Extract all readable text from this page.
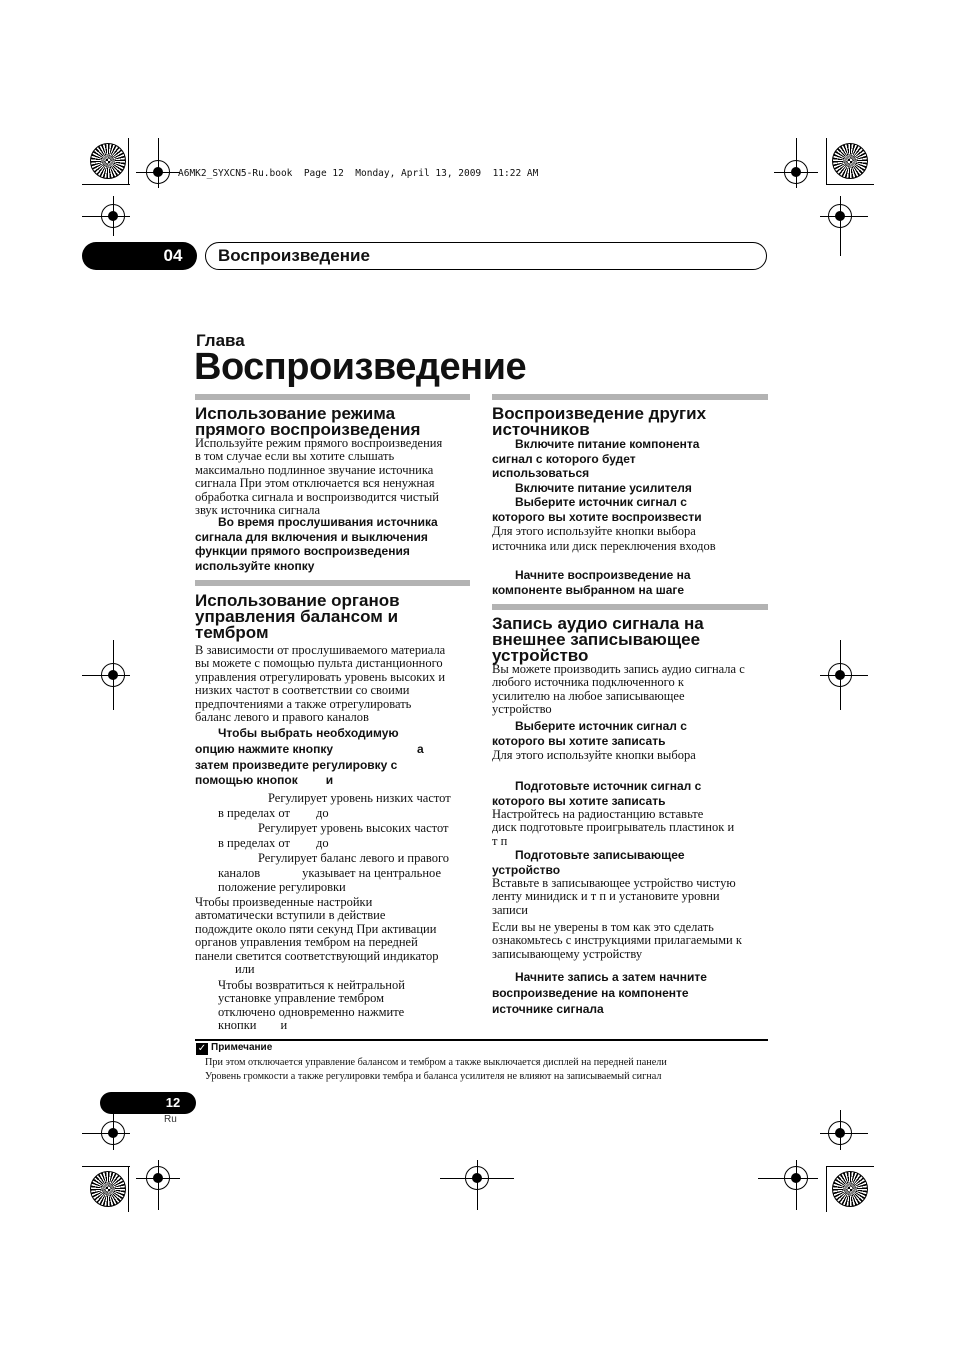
A6MK2_SYXCN5-Ru.book  Page 12  Monday, April 13, 2009  11:22 AM
04	Воспроизведение
Глава
Воспроизведение
Использование режима
прямого воспроизведения
Используйте режим прямого воспроизведения
в том случае если вы хотите слышать
максимально подлинное звучание источника
сигнала При этом отключается вся ненужная
обработка сигнала и воспроизводится чистый
звук источника сигнала
Во время прослушивания источника
сигнала для включения и выключения
функции прямого воспроизведения
используйте кнопку
Использование органов
управления балансом и
тембром
В зависимости от прослушиваемого материала
вы можете с помощью пульта дистанционного
управления отрегулировать уровень высоких и
низких частот в соответствии со своими
предпочтениями а также отрегулировать
баланс левого и правого каналов
Чтобы выбрать необходимую
опцию нажмите кнопку	а
затем произведите регулировку с
помощью кнопок и
Регулирует уровень низких частот
в пределах от до
Регулирует уровень высоких частот
в пределах от до
Регулирует баланс левого и правого
каналов	указывает на центральное
положение регулировки
Чтобы произведенные настройки
автоматически вступили в действие
подождите около пяти секунд При активации
органов управления тембром на передней
панели светится соответствующий индикатор
или
Чтобы возвратиться к нейтральной
установке управление тембром
отключено одновременно нажмите
кнопки и
Воспроизведение других
источников
Включите питание компонента
сигнал с которого будет
использоваться
Включите питание усилителя
Выберите источник сигнал с
которого вы хотите воспроизвести
Для этого используйте кнопки выбора
источника или диск переключения входов
Начните воспроизведение на
компоненте выбранном на шаге
Запись аудио сигнала на
внешнее записывающее
устройство
Вы можете производить запись аудио сигнала с
любого источника подключенного к
усилителю на любое записывающее
устройство
Выберите источник сигнал с
которого вы хотите записать
Для этого используйте кнопки выбора
Подготовьте источник сигнал с
которого вы хотите записать
Настройтесь на радиостанцию вставьте
диск подготовьте проигрыватель пластинок и
т п
Подготовьте записывающее
устройство
Вставьте в записывающее устройство чистую
ленту минидиск и т п и установите уровни
записи
Если вы не уверены в том как это сделать
ознакомьтесь с инструкциями прилагаемыми к
записывающему устройству
Начните запись а затем начните
воспроизведение на компоненте
источнике сигнала
✓ Примечание
При этом отключается управление балансом и тембром а также выключается дисплей на передней панели
Уровень громкости а также регулировки тембра и баланса усилителя не влияют на записываемый сигнал
12
Ru
